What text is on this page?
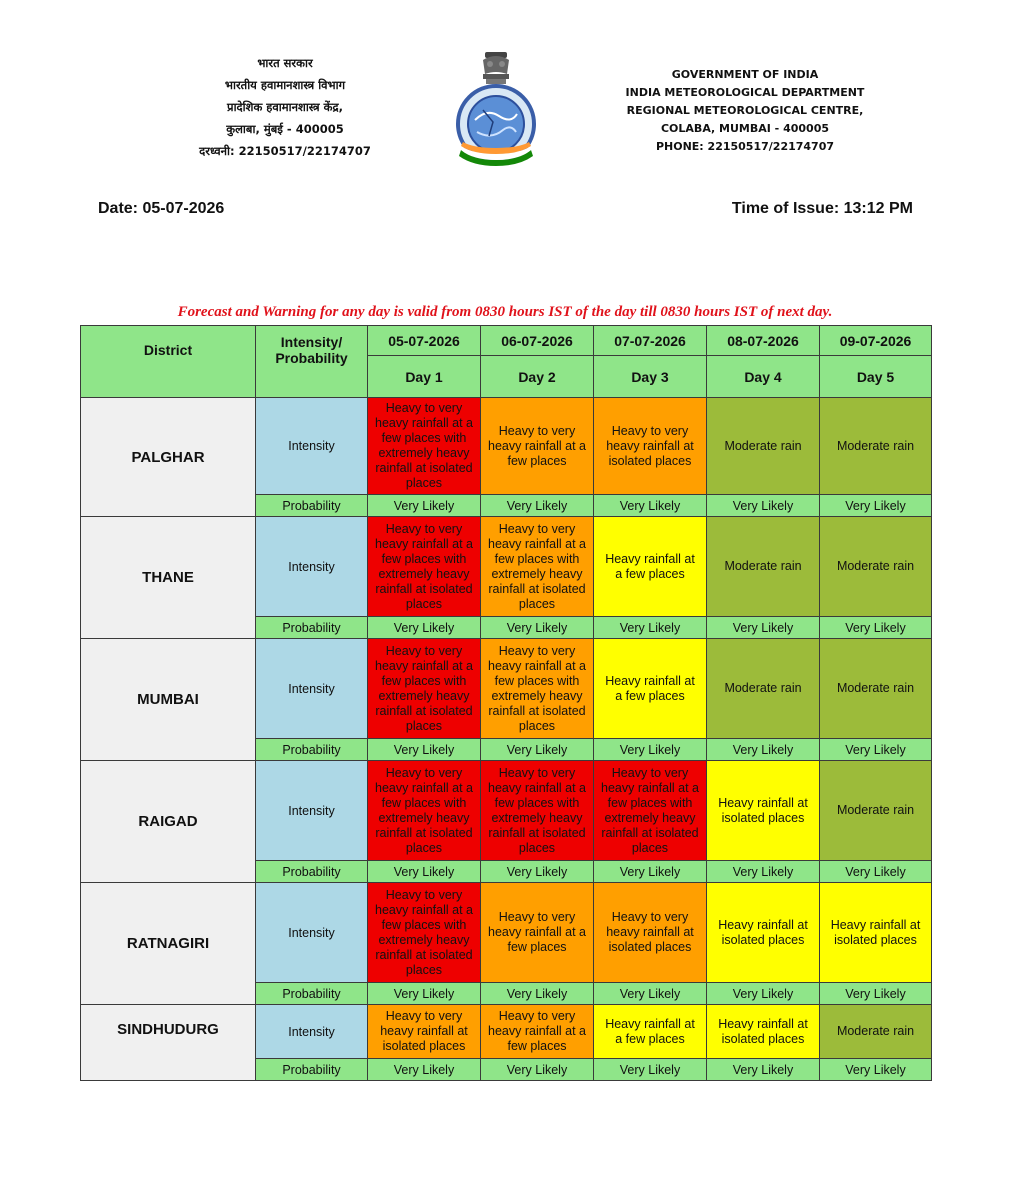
भारत सरकार
भारतीय हवामानशास्त्र विभाग
प्रादेशिक हवामानशास्त्र केंद्र,
कुलाबा, मुंबई - 400005
दरध्वनी: 22150517/22174707
GOVERNMENT OF INDIA
INDIA METEOROLOGICAL DEPARTMENT
REGIONAL METEOROLOGICAL CENTRE,
COLABA, MUMBAI - 400005
PHONE: 22150517/22174707
Date: 05-07-2026	Time of Issue: 13:12 PM
Forecast and Warning for any day is valid from 0830 hours IST of the day till 0830 hours IST of next day.
District	Intensity/ Probability	05-07-2026	06-07-2026	07-07-2026	08-07-2026	09-07-2026
		Day 1	Day 2	Day 3	Day 4	Day 5
PALGHAR	Intensity	Heavy to very heavy rainfall at a few places with extremely heavy rainfall at isolated places	Heavy to very heavy rainfall at a few places	Heavy to very heavy rainfall at isolated places	Moderate rain	Moderate rain
	Probability	Very Likely	Very Likely	Very Likely	Very Likely	Very Likely
THANE	Intensity	Heavy to very heavy rainfall at a few places with extremely heavy rainfall at isolated places	Heavy to very heavy rainfall at a few places with extremely heavy rainfall at isolated places	Heavy rainfall at a few places	Moderate rain	Moderate rain
	Probability	Very Likely	Very Likely	Very Likely	Very Likely	Very Likely
MUMBAI	Intensity	Heavy to very heavy rainfall at a few places with extremely heavy rainfall at isolated places	Heavy to very heavy rainfall at a few places with extremely heavy rainfall at isolated places	Heavy rainfall at a few places	Moderate rain	Moderate rain
	Probability	Very Likely	Very Likely	Very Likely	Very Likely	Very Likely
RAIGAD	Intensity	Heavy to very heavy rainfall at a few places with extremely heavy rainfall at isolated places	Heavy to very heavy rainfall at a few places with extremely heavy rainfall at isolated places	Heavy to very heavy rainfall at a few places with extremely heavy rainfall at isolated places	Heavy rainfall at isolated places	Moderate rain
	Probability	Very Likely	Very Likely	Very Likely	Very Likely	Very Likely
RATNAGIRI	Intensity	Heavy to very heavy rainfall at a few places with extremely heavy rainfall at isolated places	Heavy to very heavy rainfall at a few places	Heavy to very heavy rainfall at isolated places	Heavy rainfall at isolated places	Heavy rainfall at isolated places
	Probability	Very Likely	Very Likely	Very Likely	Very Likely	Very Likely
SINDHUDURG	Intensity	Heavy to very heavy rainfall at isolated places	Heavy to very heavy rainfall at a few places	Heavy rainfall at a few places	Heavy rainfall at isolated places	Moderate rain
	Probability	Very Likely	Very Likely	Very Likely	Very Likely	Very Likely
